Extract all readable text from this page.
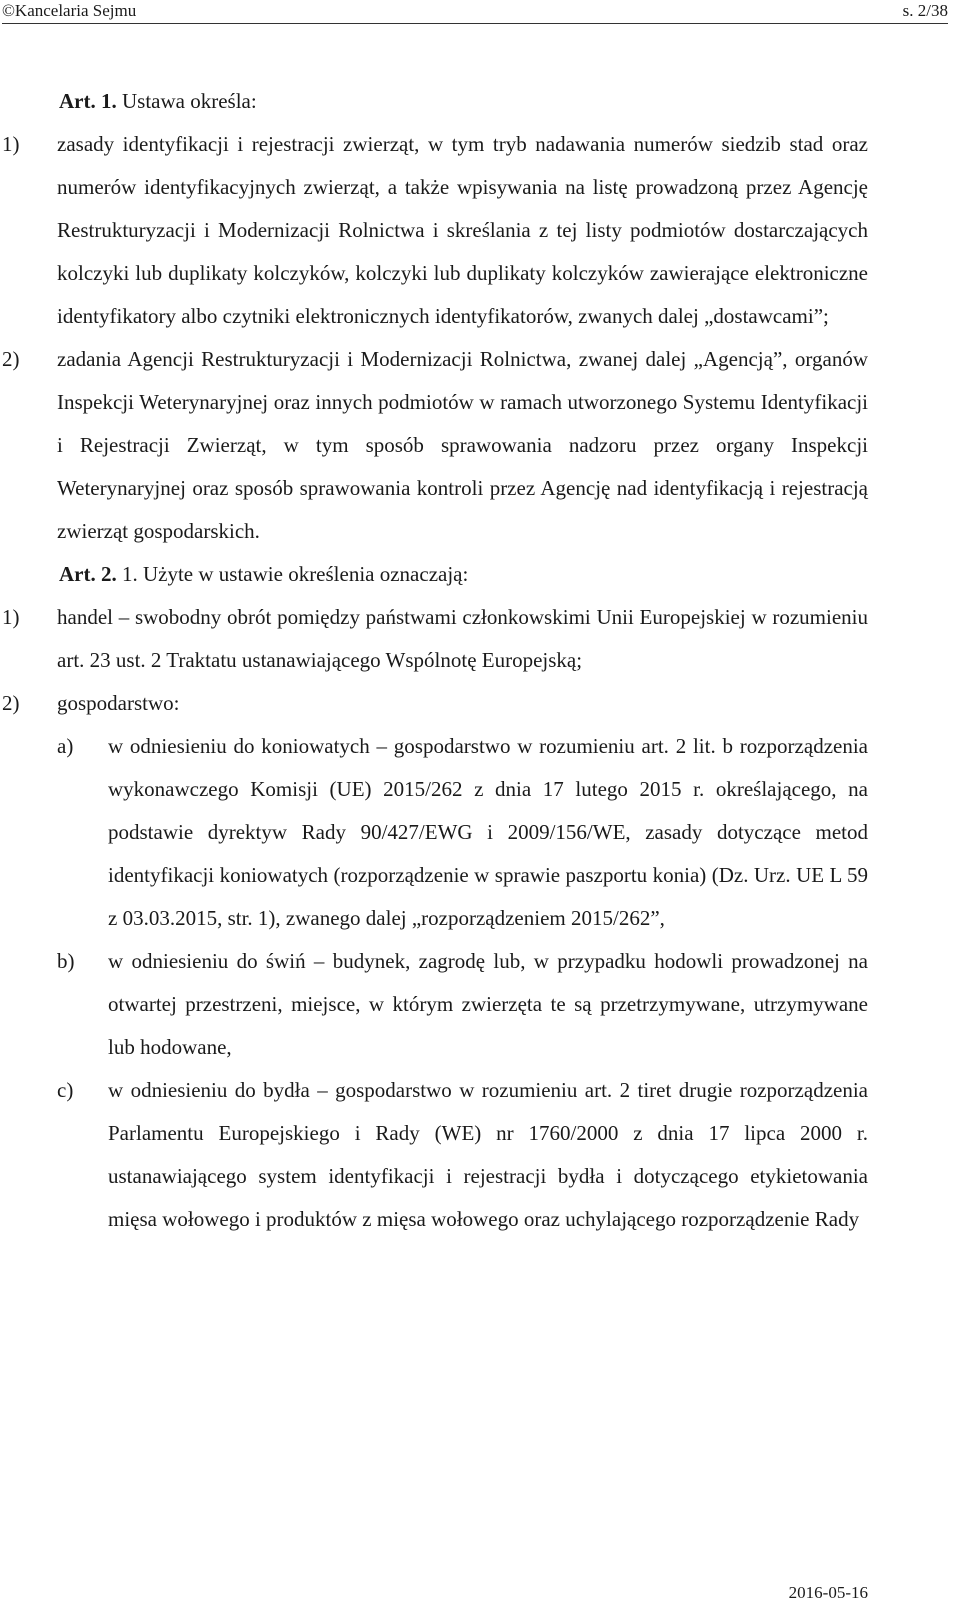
©Kancelaria Sejmu	s. 2/38
Art. 1. Ustawa określa:
1) zasady identyfikacji i rejestracji zwierząt, w tym tryb nadawania numerów siedzib stad oraz numerów identyfikacyjnych zwierząt, a także wpisywania na listę prowadzoną przez Agencję Restrukturyzacji i Modernizacji Rolnictwa i skreślania z tej listy podmiotów dostarczających kolczyki lub duplikaty kolczyków, kolczyki lub duplikaty kolczyków zawierające elektroniczne identyfikatory albo czytniki elektronicznych identyfikatorów, zwanych dalej „dostawcami”;
2) zadania Agencji Restrukturyzacji i Modernizacji Rolnictwa, zwanej dalej „Agencją”, organów Inspekcji Weterynaryjnej oraz innych podmiotów w ramach utworzonego Systemu Identyfikacji i Rejestracji Zwierząt, w tym sposób sprawowania nadzoru przez organy Inspekcji Weterynaryjnej oraz sposób sprawowania kontroli przez Agencję nad identyfikacją i rejestracją zwierząt gospodarskich.
Art. 2. 1. Użyte w ustawie określenia oznaczają:
1) handel – swobodny obrót pomiędzy państwami członkowskimi Unii Europejskiej w rozumieniu art. 23 ust. 2 Traktatu ustanawiającego Wspólnotę Europejską;
2) gospodarstwo:
a) w odniesieniu do koniowatych – gospodarstwo w rozumieniu art. 2 lit. b rozporządzenia wykonawczego Komisji (UE) 2015/262 z dnia 17 lutego 2015 r. określającego, na podstawie dyrektyw Rady 90/427/EWG i 2009/156/WE, zasady dotyczące metod identyfikacji koniowatych (rozporządzenie w sprawie paszportu konia) (Dz. Urz. UE L 59 z 03.03.2015, str. 1), zwanego dalej „rozporządzeniem 2015/262”,
b) w odniesieniu do świń – budynek, zagrodę lub, w przypadku hodowli prowadzonej na otwartej przestrzeni, miejsce, w którym zwierzęta te są przetrzymywane, utrzymywane lub hodowane,
c) w odniesieniu do bydła – gospodarstwo w rozumieniu art. 2 tiret drugie rozporządzenia Parlamentu Europejskiego i Rady (WE) nr 1760/2000 z dnia 17 lipca 2000 r. ustanawiającego system identyfikacji i rejestracji bydła i dotyczącego etykietowania mięsa wołowego i produktów z mięsa wołowego oraz uchylającego rozporządzenie Rady
2016-05-16
